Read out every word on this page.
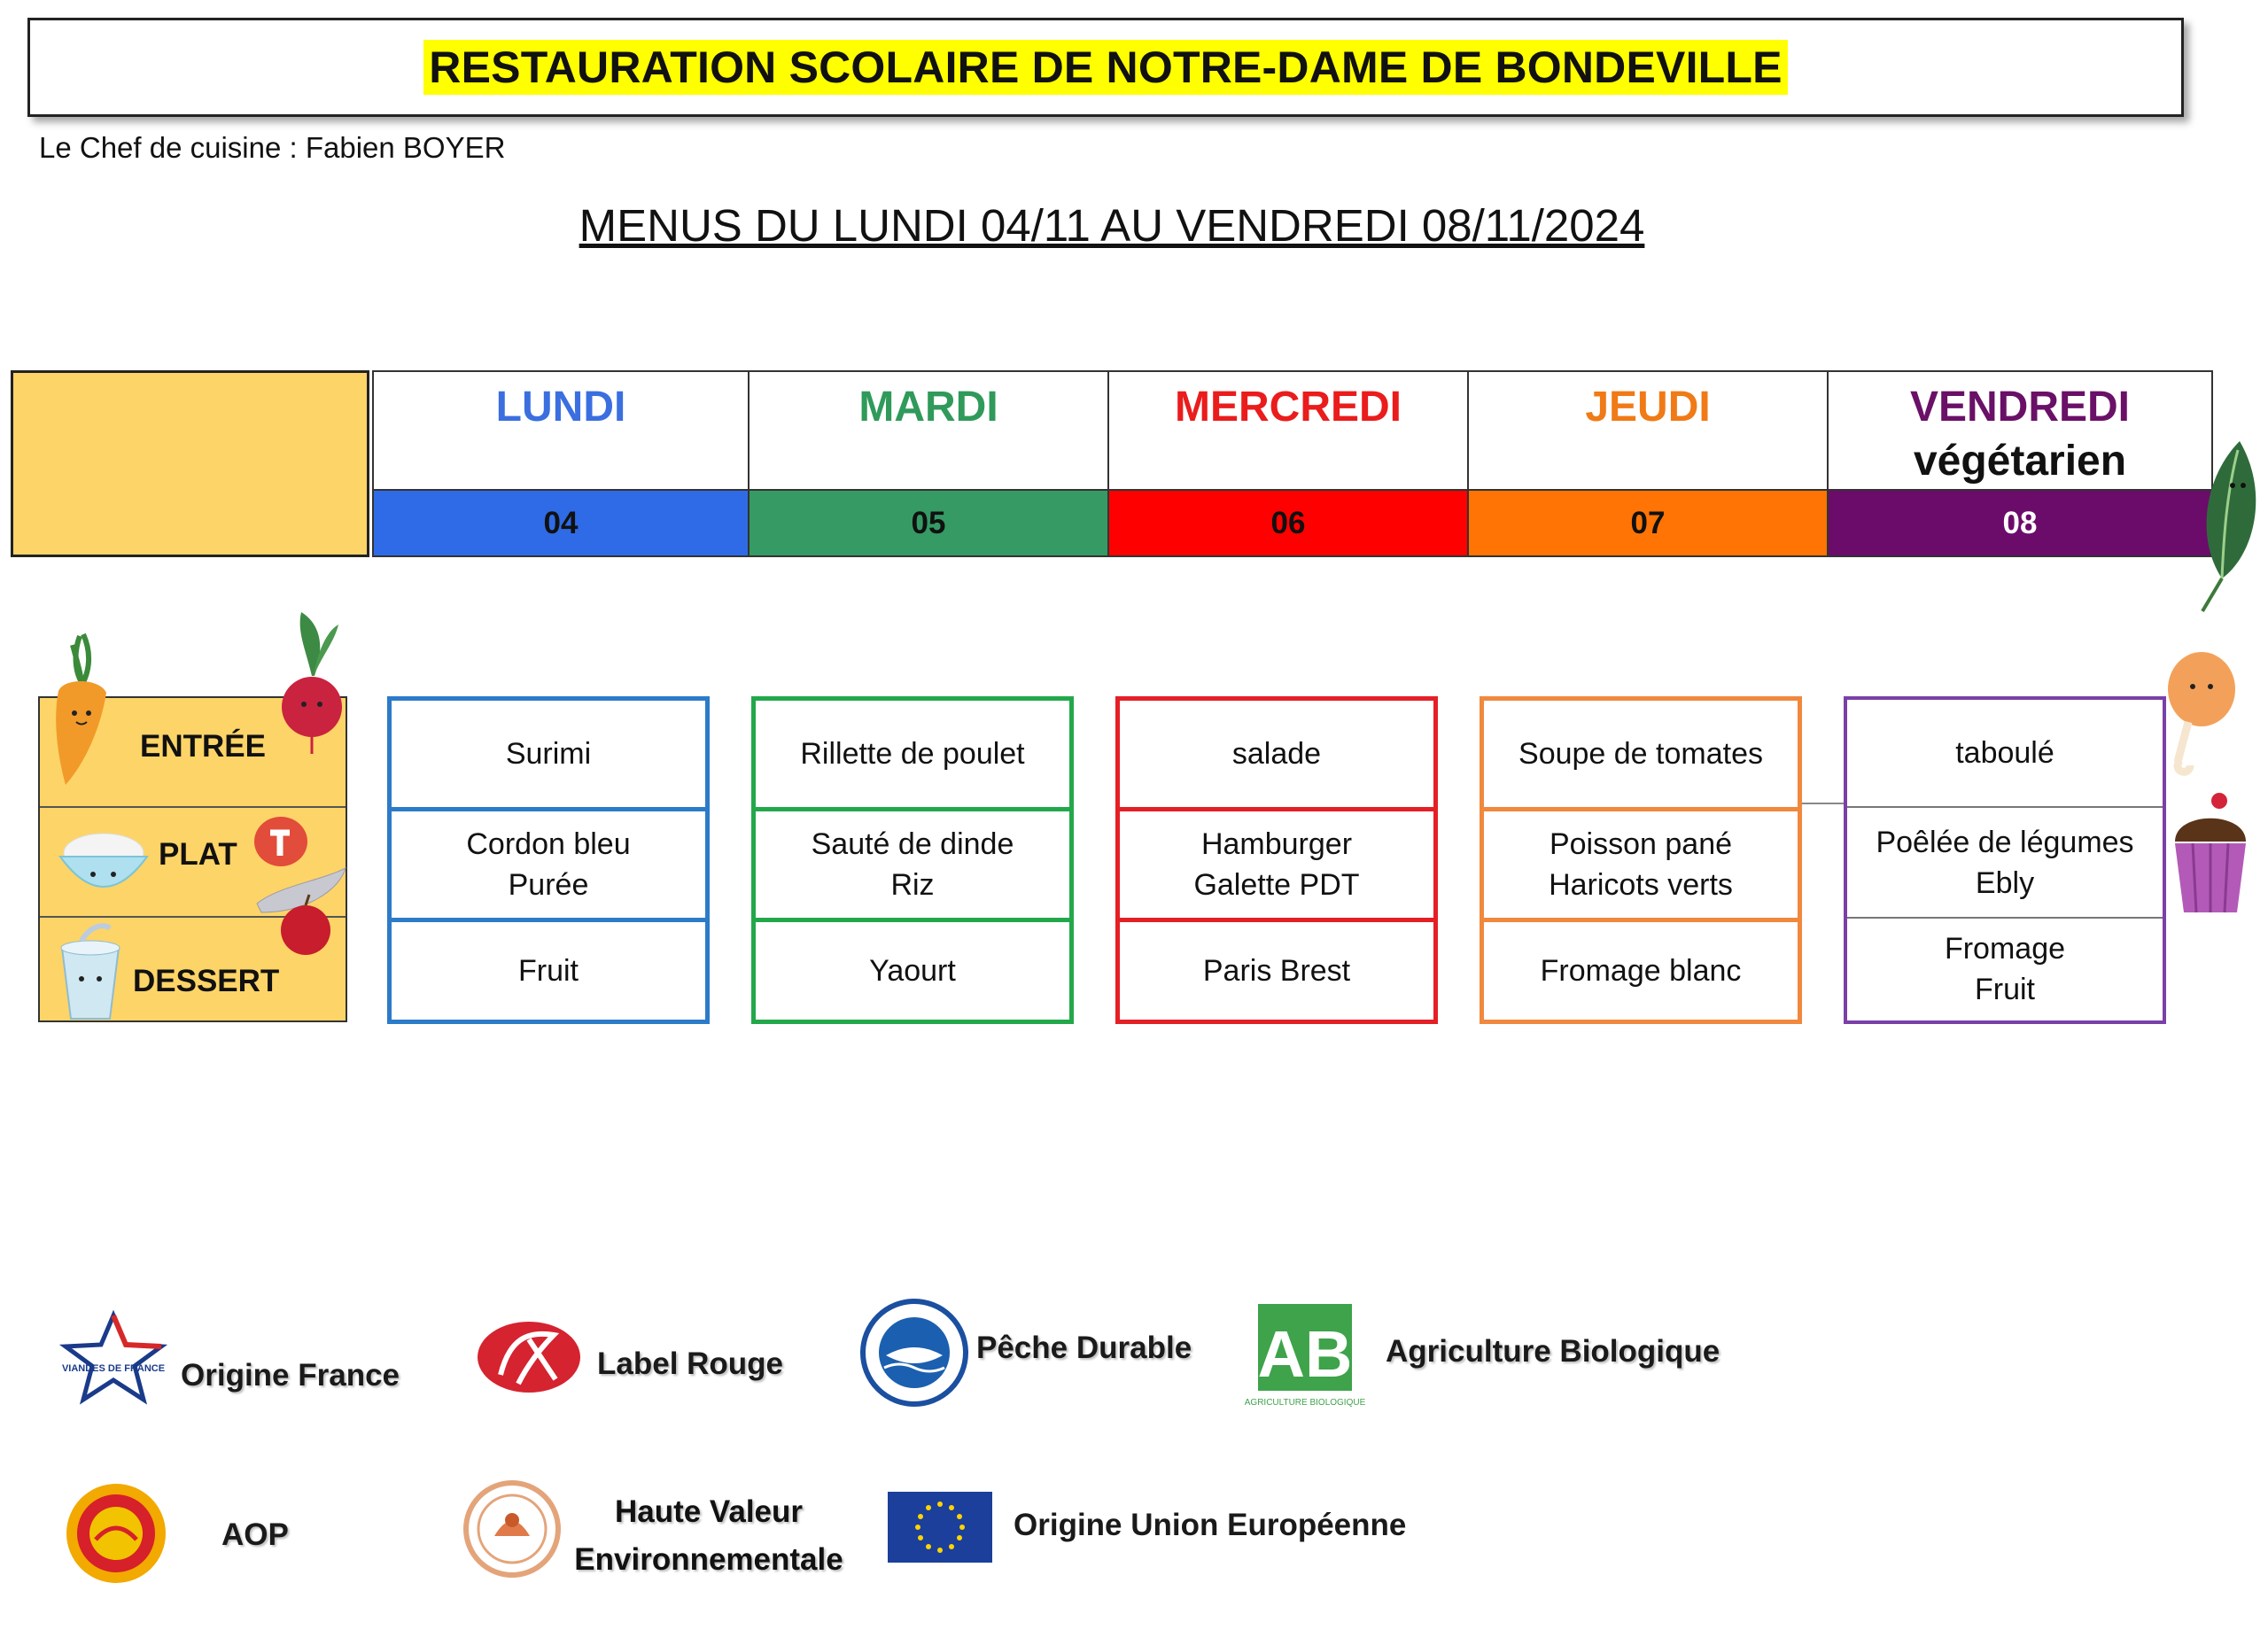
RESTAURATION SCOLAIRE DE NOTRE-DAME DE BONDEVILLE
Le Chef de cuisine : Fabien BOYER
MENUS DU LUNDI 04/11 AU VENDREDI 08/11/2024
LUNDI
04
MARDI
05
MERCREDI
06
JEUDI
07
VENDREDI
végétarien
08
ENTRÉE
PLAT
DESSERT
Surimi
Cordon bleu
Purée
Fruit
Rillette de poulet
Sauté de dinde
Riz
Yaourt
salade
Hamburger
Galette PDT
Paris Brest
Soupe de tomates
Poisson pané
Haricots verts
Fromage blanc
taboulé
Poêlée de légumes
Ebly
Fromage
Fruit
VIANDES DE FRANCE Origine France	Label Rouge	Pêche Durable AB
AGRICULTURE BIOLOGIQUE
Agriculture Biologique
AOP
Haute Valeur
Environnementale
Origine Union Européenne
